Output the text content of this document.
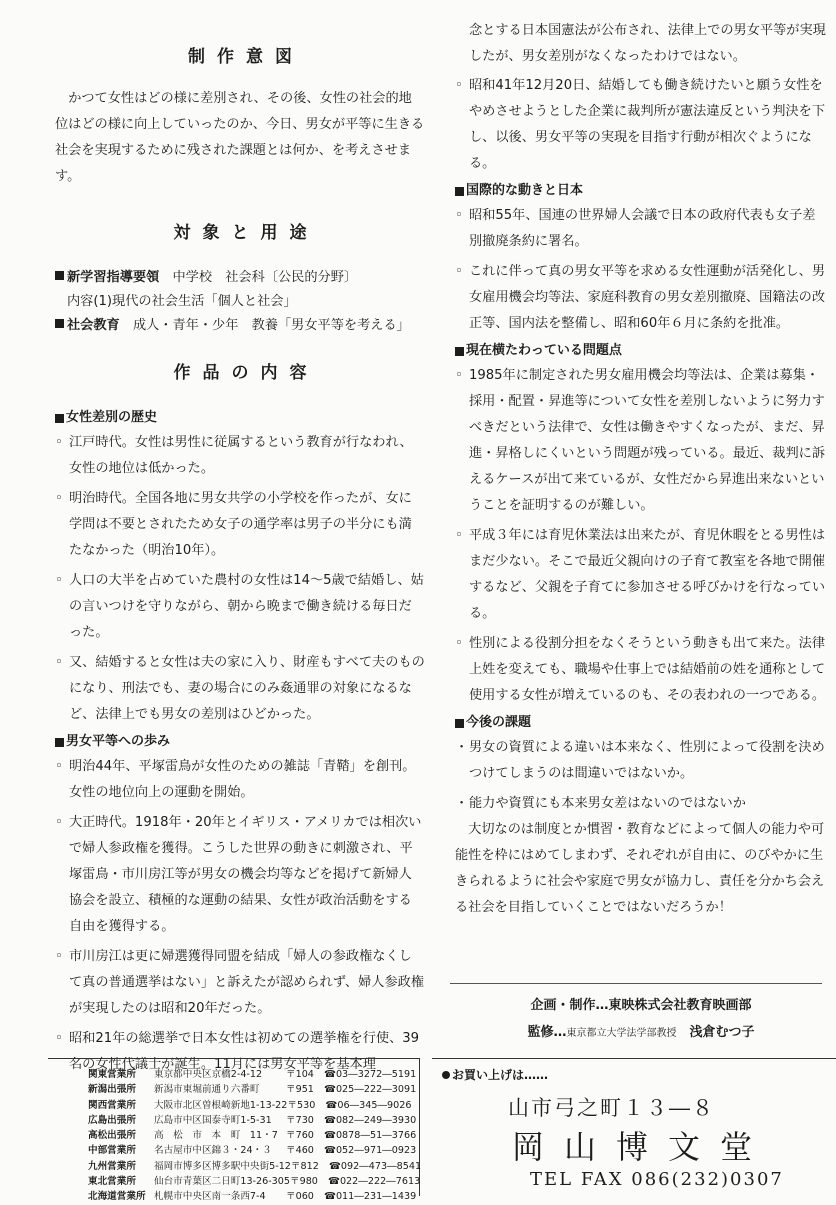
制作意図

かつて女性はどの様に差別され、その後、女性の社会的地位はどの様に向上していったのか、今日、男女が平等に生きる社会を実現するために残された課題とは何か、を考えさせます。

対象と用途
新学習指導要領　 中学校　社会科〔公民的分野〕
内容(1)現代の社会生活「個人と社会」
社会教育　 成人・青年・少年　教養「男女平等を考える」
作品の内容
女性差別の歴史
◦ 江戸時代。女性は男性に従属するという教育が行なわれ、女性の地位は低かった。
◦ 明治時代。全国各地に男女共学の小学校を作ったが、女に学問は不要とされたため女子の通学率は男子の半分にも満たなかった（明治10年）。
◦ 人口の大半を占めていた農村の女性は14～5歳で結婚し、姑の言いつけを守りながら、朝から晩まで働き続ける毎日だった。
◦ 又、結婚すると女性は夫の家に入り、財産もすべて夫のものになり、刑法でも、妻の場合にのみ姦通罪の対象になるなど、法律上でも男女の差別はひどかった。
男女平等への歩み
◦ 明治44年、平塚雷鳥が女性のための雑誌「青鞜」を創刊。女性の地位向上の運動を開始。
◦ 大正時代。1918年・20年とイギリス・アメリカでは相次いで婦人参政権を獲得。こうした世界の動きに刺激され、平塚雷鳥・市川房江等が男女の機会均等などを掲げて新婦人協会を設立、積極的な運動の結果、女性が政治活動をする自由を獲得する。
◦ 市川房江は更に婦選獲得同盟を結成「婦人の参政権なくして真の普通選挙はない」と訴えたが認められず、婦人参政権が実現したのは昭和20年だった。
◦ 昭和21年の総選挙で日本女性は初めての選挙権を行使、39名の女性代議士が誕生。11月には男女平等を基本理

念とする日本国憲法が公布され、法律上での男女平等が実現したが、男女差別がなくなったわけではない。

◦ 昭和41年12月20日、結婚しても働き続けたいと願う女性をやめさせようとした企業に裁判所が憲法違反という判決を下し、以後、男女平等の実現を目指す行動が相次ぐようになる。
国際的な動きと日本
◦ 昭和55年、国連の世界婦人会議で日本の政府代表も女子差別撤廃条約に署名。
◦ これに伴って真の男女平等を求める女性運動が活発化し、男女雇用機会均等法、家庭科教育の男女差別撤廃、国籍法の改正等、国内法を整備し、昭和60年６月に条約を批准。
現在横たわっている問題点
◦ 1985年に制定された男女雇用機会均等法は、企業は募集・採用・配置・昇進等について女性を差別しないように努力すべきだという法律で、女性は働きやすくなったが、まだ、昇進・昇格しにくいという問題が残っている。最近、裁判に訴えるケースが出て来ているが、女性だから昇進出来ないということを証明するのが難しい。
◦ 平成３年には育児休業法は出来たが、育児休暇をとる男性はまだ少ない。そこで最近父親向けの子育て教室を各地で開催するなど、父親を子育てに参加させる呼びかけを行なっている。
◦ 性別による役割分担をなくそうという動きも出て来た。法律上姓を変えても、職場や仕事上では結婚前の姓を通称として使用する女性が増えているのも、その表われの一つである。
今後の課題
・ 男女の資質による違いは本来なく、性別によって役割を決めつけてしまうのは間違いではないか。
・ 能力や資質にも本来男女差はないのではないか

大切なのは制度とか慣習・教育などによって個人の能力や可能性を枠にはめてしまわず、それぞれが自由に、のびやかに生きられるように社会や家庭で男女が協力し、責任を分かち会える社会を目指していくことではないだろうか！

企画・制作…東映株式会社教育映画部
監修…東京都立大学法学部教授　 浅倉むつ子
関東営業所	東京都中央区京橋2-4-12	〒104	☎03―3272―5191
新潟出張所	新潟市東堀前通り六番町	〒951	☎025―222―3091
関西営業所	大阪市北区曽根崎新地1-13-22 〒530	☎06―345―9026
広島出張所	広島市中区国泰寺町1-5-31	〒730	☎082―249―3930
高松出張所	高　松　市　本　町　11・7 〒760	☎0878―51―3766
中部営業所	名古屋市中区錦３・24・３	〒460	☎052―971―0923
九州営業所	福岡市博多区博多駅中央街5-12 〒812	☎092―473―8541
東北営業所	仙台市青葉区二日町13-26-305 〒980	☎022―222―7613
北海道営業所 札幌市中央区南一条西7-4	〒060	☎011―231―1439
お買い上げは……
山市弓之町１３―８
岡山博文堂
TEL FAX 086(232)0307
